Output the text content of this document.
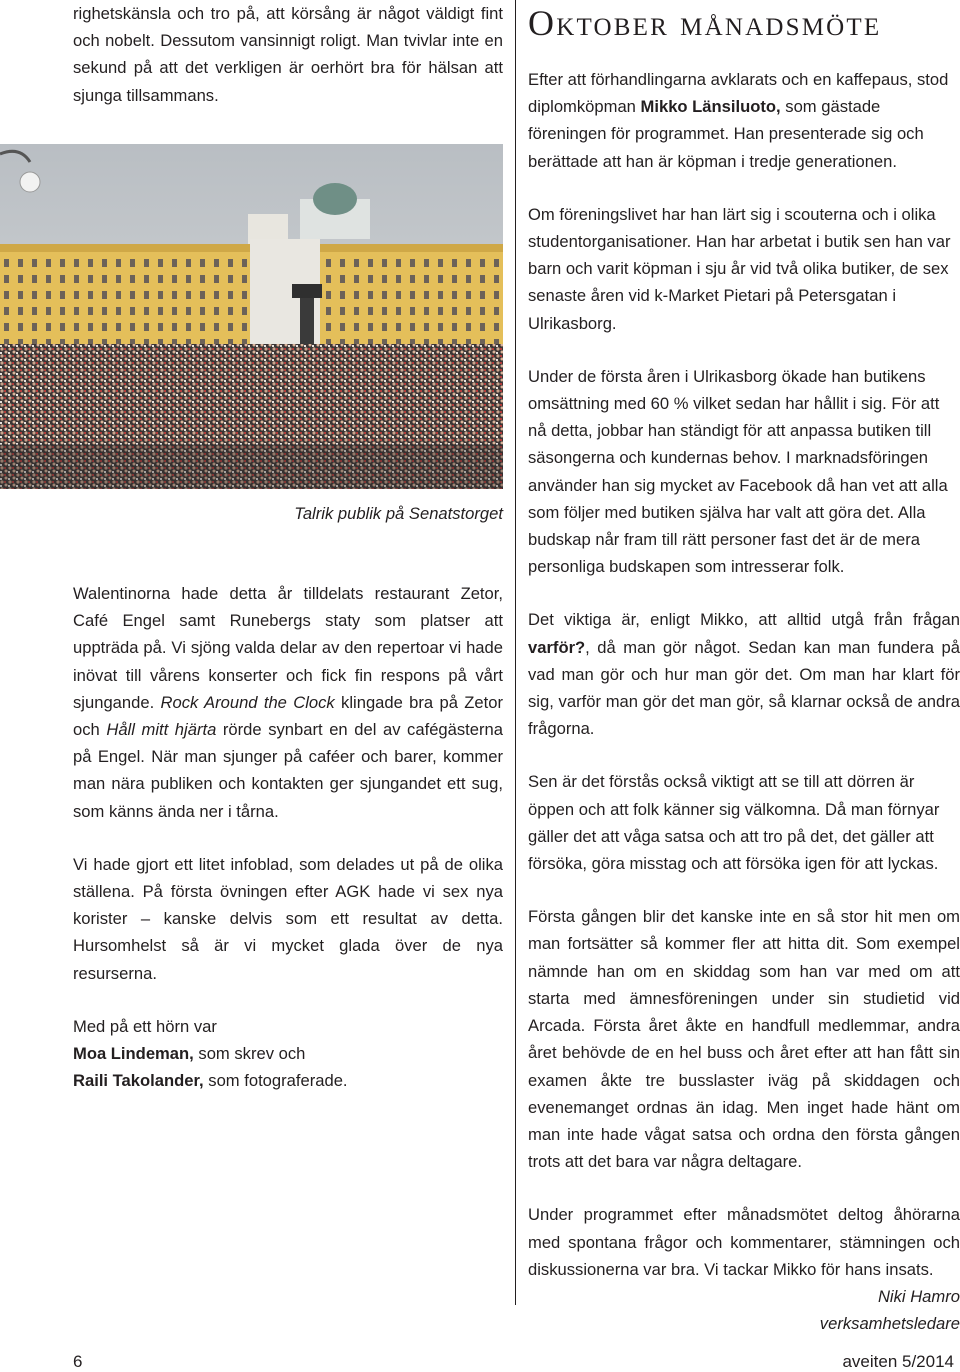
righetskänsla och tro på, att körsång är något väldigt fint och nobelt. Dessutom vansinnigt roligt. Man tvivlar inte en sekund på att det verkligen är oerhört bra för hälsan att sjunga tillsammans.

Talrik publik på Senatstorget

Walentinorna hade detta år tilldelats restaurant Zetor, Café Engel samt Runebergs staty som platser att uppträda på. Vi sjöng valda delar av den repertoar vi hade inövat till vårens konserter och fick fin respons på vårt sjungande. Rock Around the Clock klingade bra på Zetor och Håll mitt hjärta rörde synbart en del av cafégästerna på Engel. När man sjunger på caféer och barer, kommer man nära publiken och kontakten ger sjungandet ett sug, som känns ända ner i tårna.

Vi hade gjort ett litet infoblad, som delades ut på de olika ställena. På första övningen efter AGK hade vi sex nya korister – kanske delvis som ett resultat av detta. Hursomhelst så är vi mycket glada över de nya resurserna.

Med på ett hörn var
Moa Lindeman, som skrev och
Raili Takolander, som fotograferade.

Oktober månadsmöte

Efter att förhandlingarna avklarats och en kaffepaus, stod diplomköpman Mikko Länsiluoto, som gästade föreningen för programmet. Han presenterade sig och berättade att han är köpman i tredje generationen.

Om föreningslivet har han lärt sig i scouterna och i olika studentorganisationer. Han har arbetat i butik sen han var barn och varit köpman i sju år vid två olika butiker, de sex senaste åren vid k-Market Pietari på Petersgatan i Ulrikasborg.

Under de första åren i Ulrikasborg ökade han butikens omsättning med 60 % vilket sedan har hållit i sig. För att nå detta, jobbar han ständigt för att anpassa butiken till säsongerna och kundernas behov. I marknadsföringen använder han sig mycket av Facebook då han vet att alla som följer med butiken själva har valt att göra det. Alla budskap når fram till rätt personer fast det är de mera personliga budskapen som intresserar folk.

Det viktiga är, enligt Mikko, att alltid utgå från frågan varför?, då man gör något. Sedan kan man fundera på vad man gör och hur man gör det. Om man har klart för sig, varför man gör det man gör, så klarnar också de andra frågorna.

Sen är det förstås också viktigt att se till att dörren är öppen och att folk känner sig välkomna. Då man förnyar gäller det att våga satsa och att tro på det, det gäller att försöka, göra misstag och att försöka igen för att lyckas.

Första gången blir det kanske inte en så stor hit men om man fortsätter så kommer fler att hitta dit. Som exempel nämnde han om en skiddag som han var med om att starta med ämnesföreningen under sin studietid vid Arcada. Första året åkte en handfull medlemmar, andra året behövde de en hel buss och året efter att han fått sin examen åkte tre busslaster iväg på skiddagen och evenemanget ordnas än idag. Men inget hade hänt om man inte hade vågat satsa och ordna den första gången trots att det bara var några deltagare.

Under programmet efter månadsmötet deltog åhörarna med spontana frågor och kommentarer, stämningen och diskussionerna var bra. Vi tackar Mikko för hans insats.

Niki Hamro

verksamhetsledare

6	aveiten 5/2014
